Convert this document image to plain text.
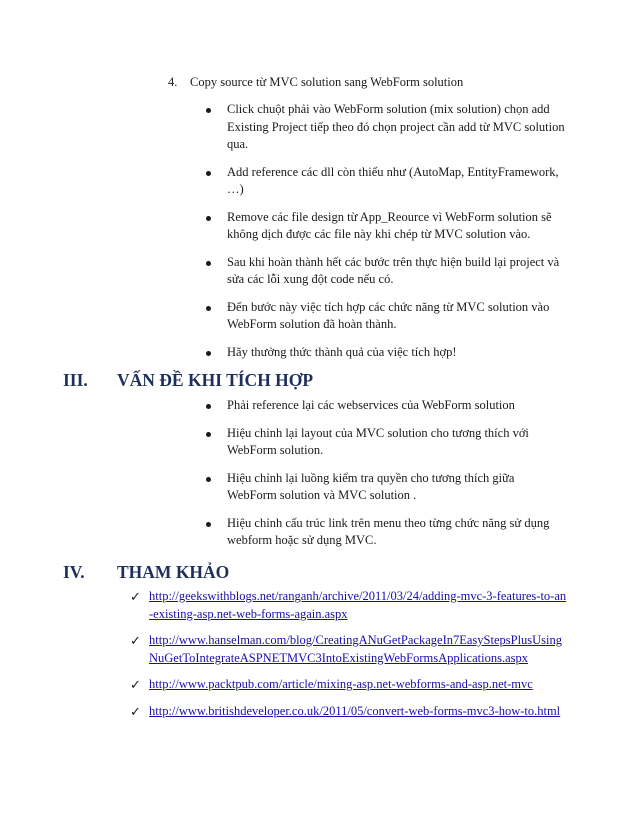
4. Copy source từ MVC solution sang WebForm solution
Click chuột phải vào WebForm solution (mix solution) chọn add Existing Project tiếp theo đó chọn project cần add từ MVC solution qua.
Add reference các dll còn thiếu như (AutoMap, EntityFramework, …)
Remove các file design từ App_Reource vì WebForm solution sẽ không dịch được các file này khi chép từ MVC solution vào.
Sau khi hoàn thành hết các bước trên thực hiện build lại project và sửa các lỗi xung đột code nếu có.
Đến bước này việc tích hợp các chức năng từ MVC solution vào WebForm solution đã hoàn thành.
Hãy thưởng thức thành quả của việc tích hợp!
III. VẤN ĐỀ KHI TÍCH HỢP
Phải reference lại các webservices của WebForm solution
Hiệu chỉnh lại layout của MVC solution cho tương thích với WebForm solution.
Hiệu chỉnh lại luồng kiểm tra quyền cho tương thích giữa WebForm solution và MVC solution .
Hiệu chỉnh cấu trúc link trên menu theo từng chức năng sử dụng webform hoặc sử dụng MVC.
IV. THAM KHẢO
✓ http://geekswithblogs.net/ranganh/archive/2011/03/24/adding-mvc-3-features-to-an-existing-asp.net-web-forms-again.aspx
✓ http://www.hanselman.com/blog/CreatingANuGetPackageIn7EasyStepsPlusUsingNuGetToIntegrateASPNETMVC3IntoExistingWebFormsApplications.aspx
✓ http://www.packtpub.com/article/mixing-asp.net-webforms-and-asp.net-mvc
✓ http://www.britishdeveloper.co.uk/2011/05/convert-web-forms-mvc3-how-to.html
